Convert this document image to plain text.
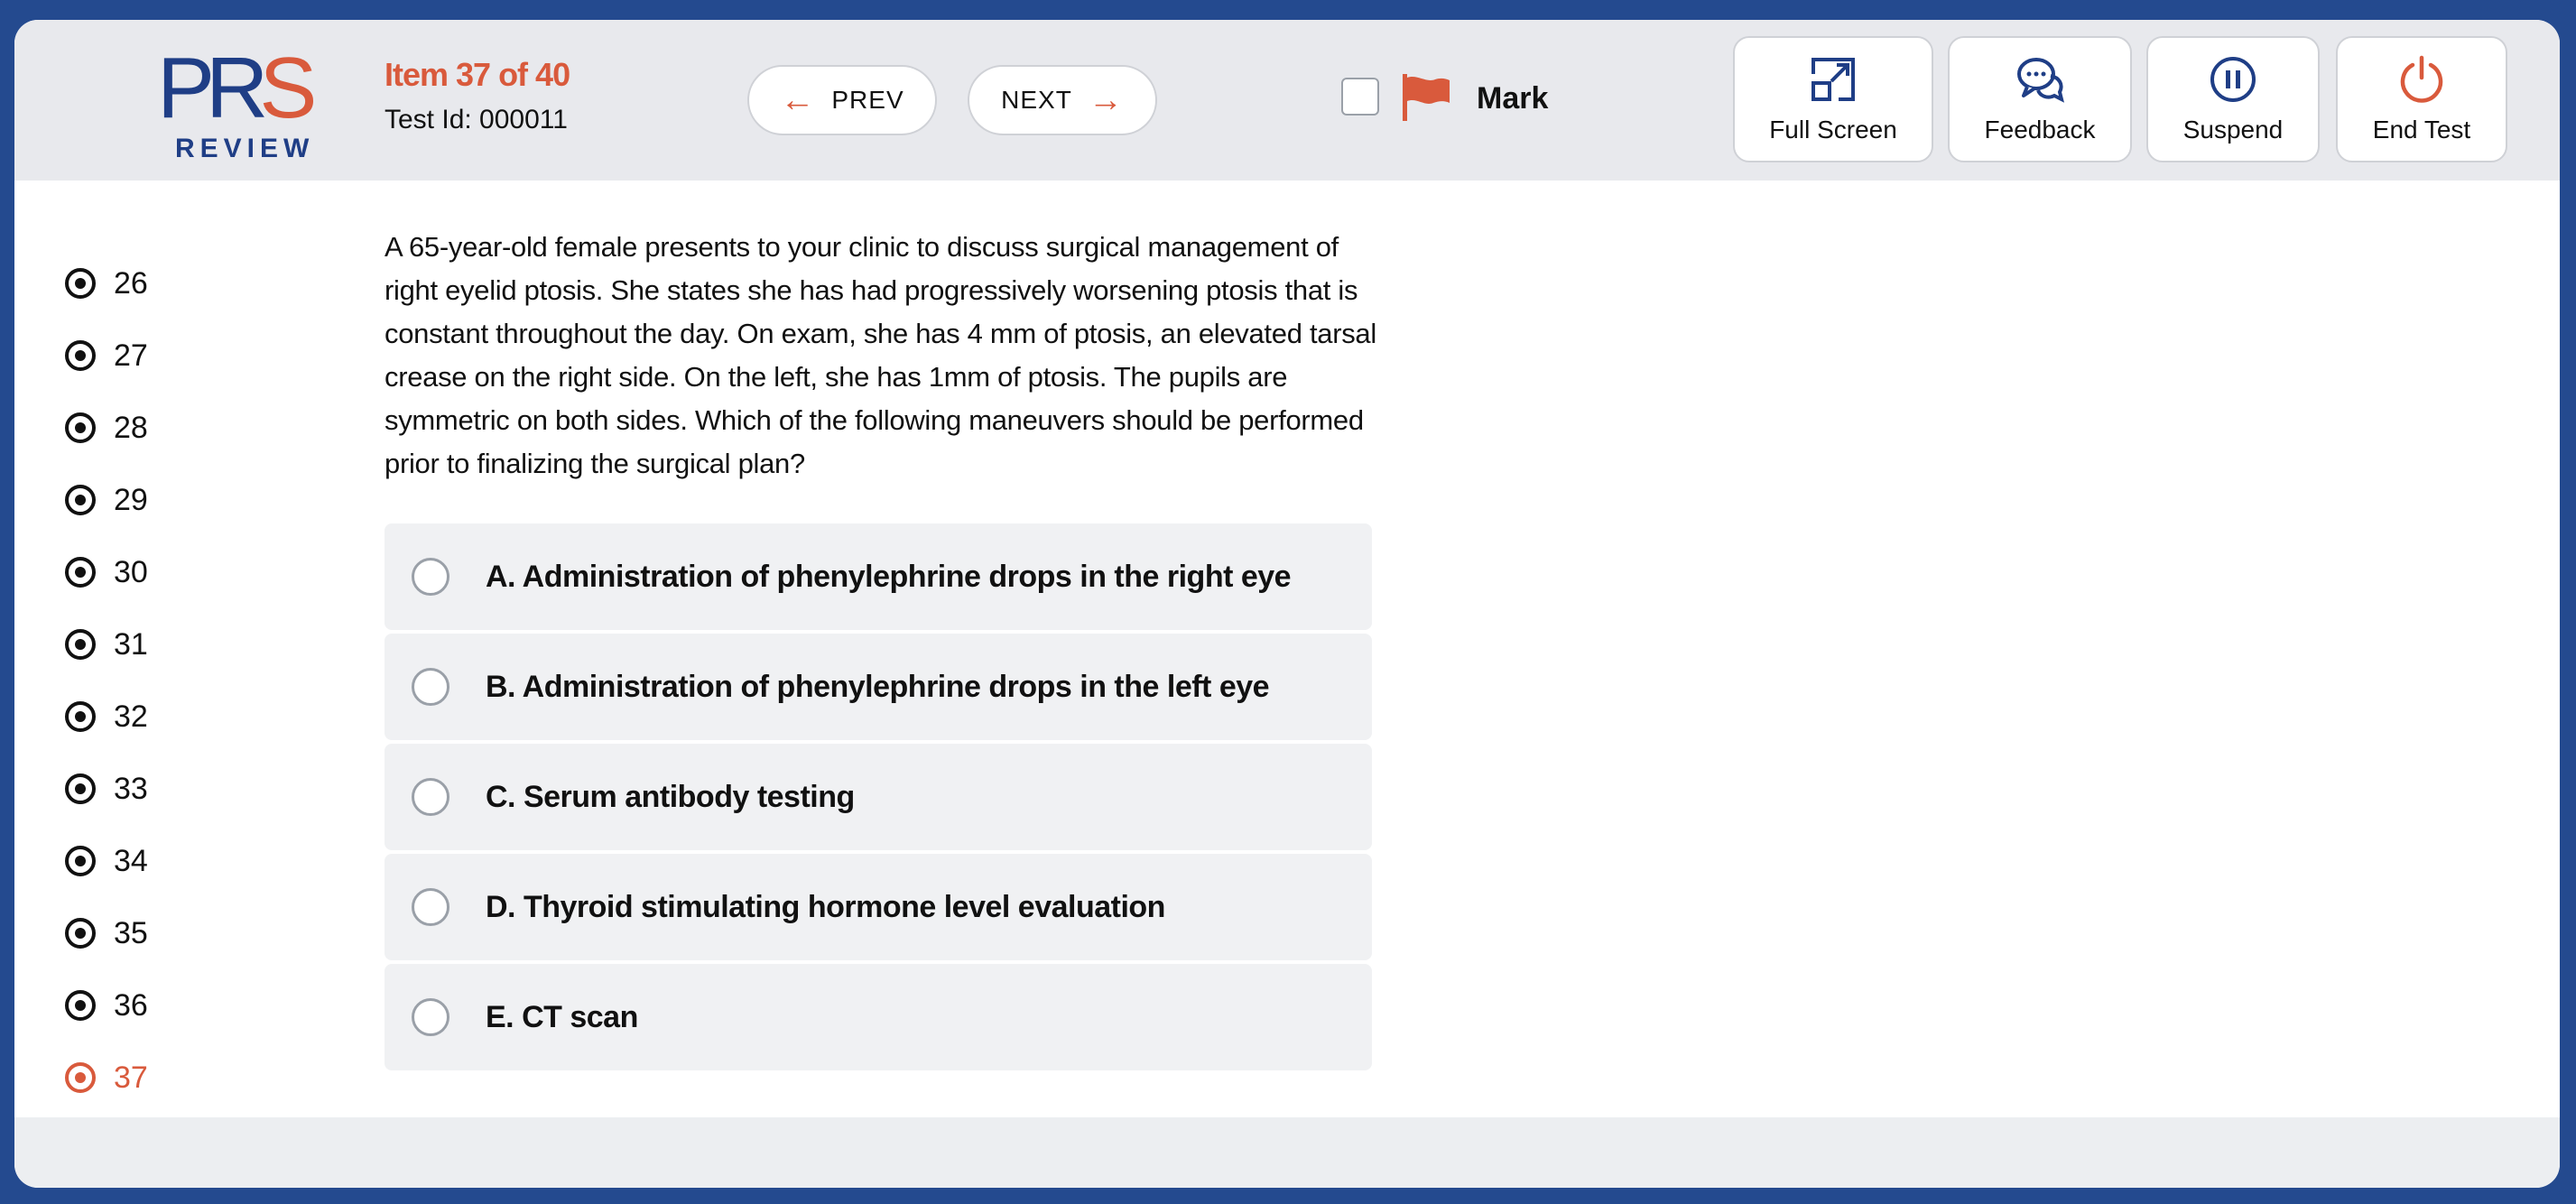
PRS
REVIEW
Item 37 of 40
Test Id: 000011
← PREV	NEXT →	Mark
Full Screen	Feedback	Suspend	End Test
26
27
28
29
30
31
32
33
34
35
36
37
A 65-year-old female presents to your clinic to discuss surgical management of right eyelid ptosis. She states she has had progressively worsening ptosis that is constant throughout the day. On exam, she has 4 mm of ptosis, an elevated tarsal crease on the right side. On the left, she has 1mm of ptosis. The pupils are symmetric on both sides. Which of the following maneuvers should be performed prior to finalizing the surgical plan?
A. Administration of phenylephrine drops in the right eye
B. Administration of phenylephrine drops in the left eye
C. Serum antibody testing
D. Thyroid stimulating hormone level evaluation
E. CT scan
